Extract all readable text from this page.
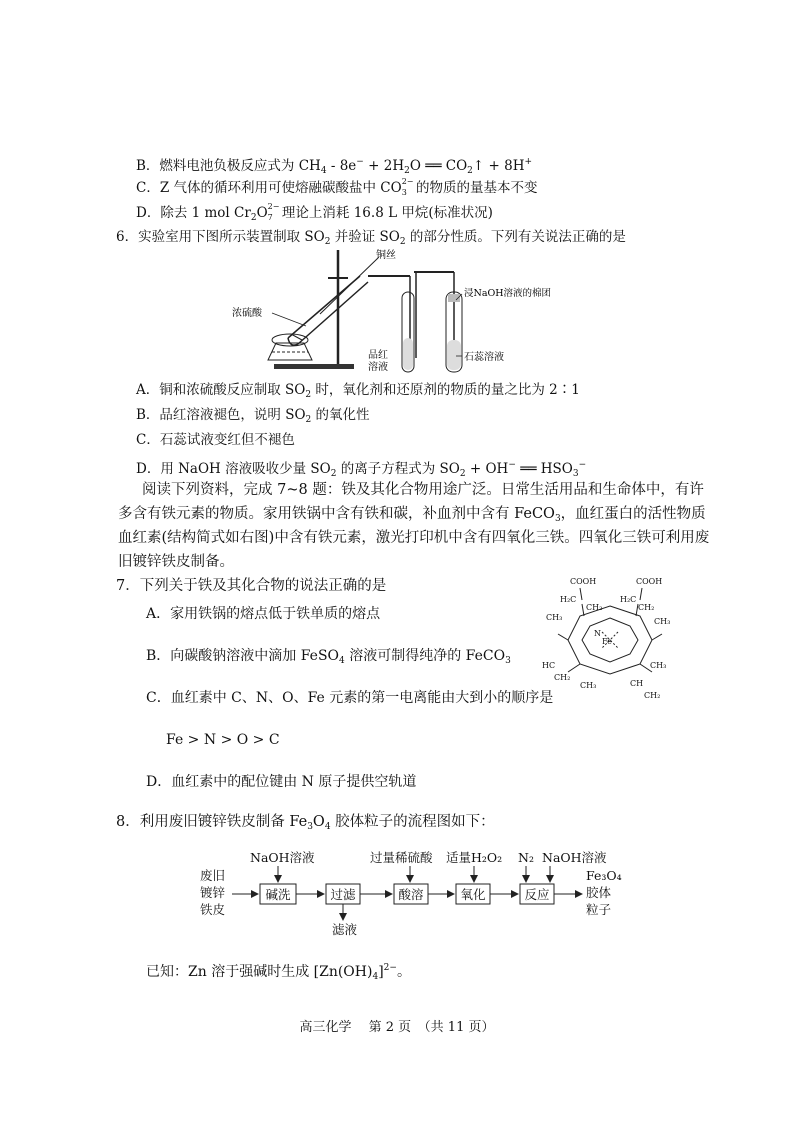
B．燃料电池负极反应式为 $CH_4 - 8e^- + 2H_2O$ ══ $CO_2↑ + 8H^+$
C．Z 气体的循环利用可使熔融碳酸盐中 CO 2−
3 的物质的量基本不变
D．除去 1 mol $Cr_2O$ 2−
7 理论上消耗 16.8 L 甲烷(标准状况)
6．实验室用下图所示装置制取 $SO_2$ 并验证 $SO_2$ 的部分性质。下列有关说法正确的是
铜丝
浓硫酸
浸NaOH溶液的棉团
品红
溶液
石蕊溶液
A．铜和浓硫酸反应制取 $SO_2$ 时，氧化剂和还原剂的物质的量之比为 2∶1
B．品红溶液褪色，说明 $SO_2$ 的氧化性
C．石蕊试液变红但不褪色
D．用 NaOH 溶液吸收少量 $SO_2$ 的离子方程式为 $SO_2 + OH^-$ ══ $HSO_3^-$
阅读下列资料，完成 7~8 题：铁及其化合物用途广泛。日常生活用品和生命体中，有许
多含有铁元素的物质。家用铁锅中含有铁和碳，补血剂中含有 FeCO$_3$，血红蛋白的活性物质
血红素(结构简式如右图)中含有铁元素，激光打印机中含有四氧化三铁。四氧化三铁可利用废
旧镀锌铁皮制备。
7．下列关于铁及其化合物的说法正确的是
A．家用铁锅的熔点低于铁单质的熔点
B．向碳酸钠溶液中滴加 FeSO$_4$ 溶液可制得纯净的 FeCO$_3$
C．血红素中 C、N、O、Fe 元素的第一电离能由大到小的顺序是
Fe > N > O > C
D．血红素中的配位键由 N 原子提供空轨道
COOH	COOH
H₂C
CH₂
H₂C
CH₂
CH₃	CH₃
Fe
N
HC
CH₂
CH₃
CH₃
CH
CH₂
8．利用废旧镀锌铁皮制备 $Fe_3O_4$ 胶体粒子的流程图如下：
废旧
镀锌
铁皮
NaOH溶液	过量稀硫酸 适量H₂O₂ N₂ NaOH溶液
滤液
Fe₃O₄
胶体
粒子
碱洗	过滤	酸溶	氧化	反应
已知：Zn 溶于强碱时生成 $[Zn(OH)_4]^{2-}$。
高三化学　 第 2 页　（共 11 页）
